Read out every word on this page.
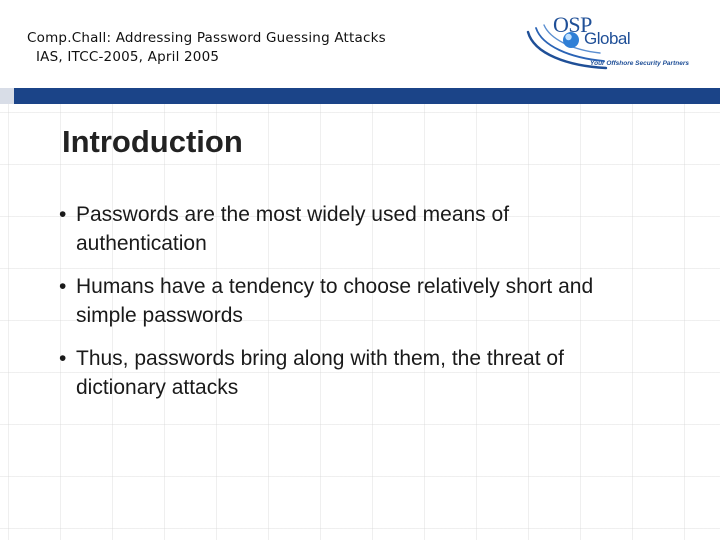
Comp.Chall: Addressing Password Guessing Attacks
IAS, ITCC-2005, April 2005
OSP
Global
Your Offshore Security Partners
Introduction
• Passwords are the most widely used means of authentication
• Humans have a tendency to choose relatively short and simple passwords
• Thus, passwords bring along with them, the threat of dictionary attacks
